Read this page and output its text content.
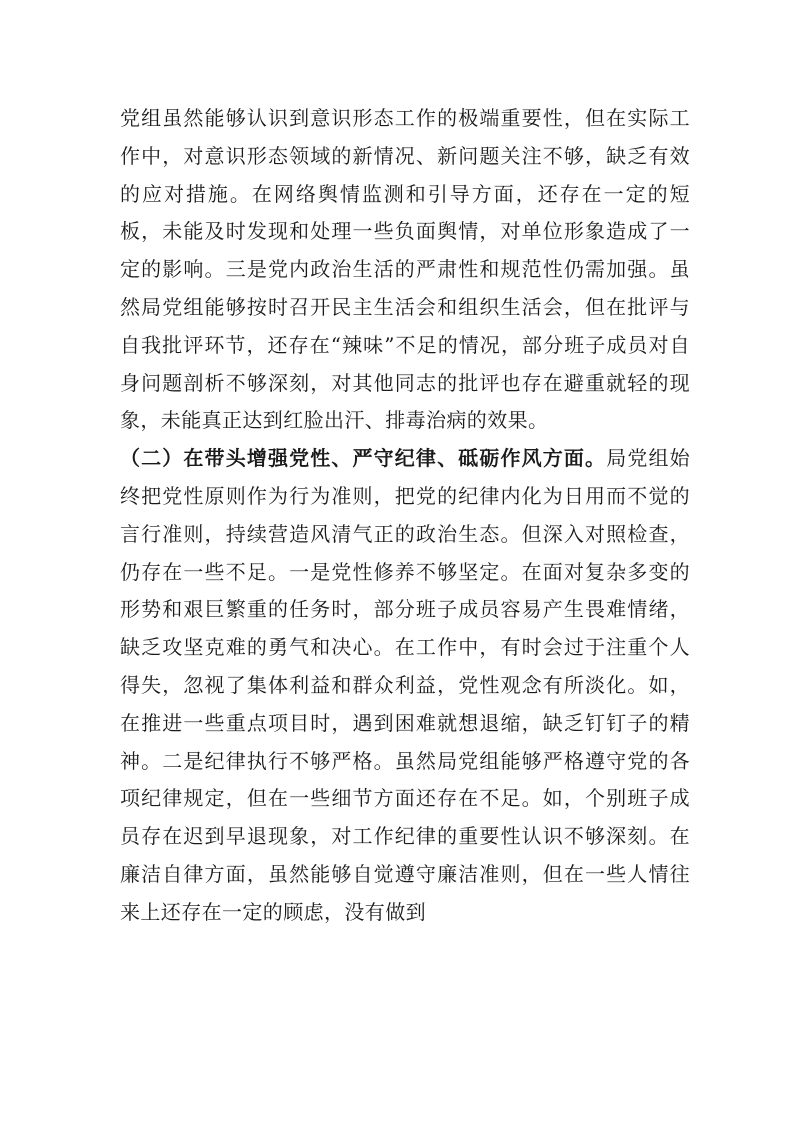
党组虽然能够认识到意识形态工作的极端重要性，但在实际工作中，对意识形态领域的新情况、新问题关注不够，缺乏有效的应对措施。在网络舆情监测和引导方面，还存在一定的短板，未能及时发现和处理一些负面舆情，对单位形象造成了一定的影响。三是党内政治生活的严肃性和规范性仍需加强。虽然局党组能够按时召开民主生活会和组织生活会，但在批评与自我批评环节，还存在“辣味”不足的情况，部分班子成员对自身问题剖析不够深刻，对其他同志的批评也存在避重就轻的现象，未能真正达到红脸出汗、排毒治病的效果。

（二）在带头增强党性、严守纪律、砥砺作风方面。局党组始终把党性原则作为行为准则，把党的纪律内化为日用而不觉的言行准则，持续营造风清气正的政治生态。但深入对照检查，仍存在一些不足。一是党性修养不够坚定。在面对复杂多变的形势和艰巨繁重的任务时，部分班子成员容易产生畏难情绪，缺乏攻坚克难的勇气和决心。在工作中，有时会过于注重个人得失，忽视了集体利益和群众利益，党性观念有所淡化。如，在推进一些重点项目时，遇到困难就想退缩，缺乏钉钉子的精神。二是纪律执行不够严格。虽然局党组能够严格遵守党的各项纪律规定，但在一些细节方面还存在不足。如，个别班子成员存在迟到早退现象，对工作纪律的重要性认识不够深刻。在廉洁自律方面，虽然能够自觉遵守廉洁准则，但在一些人情往来上还存在一定的顾虑，没有做到
